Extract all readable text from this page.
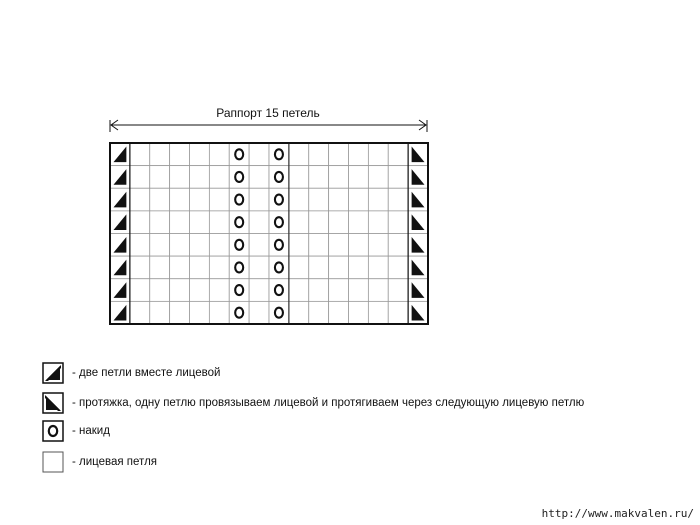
Раппорт 15 петель
- две петли вместе лицевой
- протяжка, одну петлю провязываем лицевой и протягиваем через следующую лицевую петлю
- накид
- лицевая петля
http://www.makvalen.ru/
